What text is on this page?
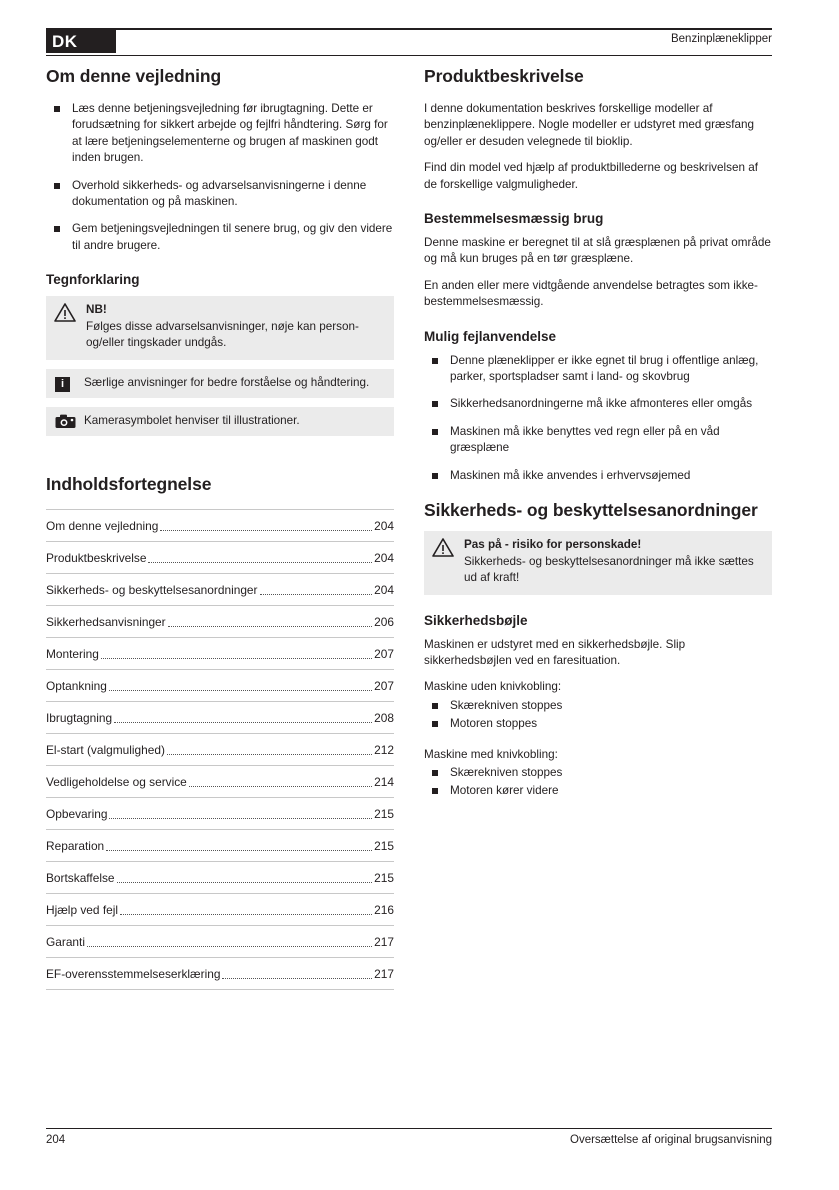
DK	Benzinplæneklipper
Om denne vejledning
Læs denne betjeningsvejledning før ibrugtagning. Dette er forudsætning for sikkert arbejde og fejlfri håndtering. Sørg for at lære betjeningselementerne og brugen af maskinen godt inden brugen.
Overhold sikkerheds- og advarselsanvisningerne i denne dokumentation og på maskinen.
Gem betjeningsvejledningen til senere brug, og giv den videre til andre brugere.
Tegnforklaring
NB!
Følges disse advarselsanvisninger, nøje kan person- og/eller tingskader undgås.
i	Særlige anvisninger for bedre forståelse og håndtering.
Kamerasymbolet henviser til illustrationer.
Indholdsfortegnelse
Om denne vejledning	204
Produktbeskrivelse	204
Sikkerheds- og beskyttelsesanordninger	204
Sikkerhedsanvisninger	206
Montering	207
Optankning	207
Ibrugtagning	208
El-start (valgmulighed)	212
Vedligeholdelse og service	214
Opbevaring	215
Reparation	215
Bortskaffelse	215
Hjælp ved fejl	216
Garanti	217
EF-overensstemmelseserklæring	217
Produktbeskrivelse

I denne dokumentation beskrives forskellige modeller af benzinplæneklippere. Nogle modeller er udstyret med græsfang og/eller er desuden velegnede til bioklip.

Find din model ved hjælp af produktbillederne og beskrivelsen af de forskellige valgmuligheder.

Bestemmelsesmæssig brug

Denne maskine er beregnet til at slå græsplænen på privat område og må kun bruges på en tør græsplæne.

En anden eller mere vidtgående anvendelse betragtes som ikke-bestemmelsesmæssig.

Mulig fejlanvendelse
Denne plæneklipper er ikke egnet til brug i offentlige anlæg, parker, sportspladser samt i land- og skovbrug
Sikkerhedsanordningerne må ikke afmonteres eller omgås
Maskinen må ikke benyttes ved regn eller på en våd græsplæne
Maskinen må ikke anvendes i erhvervsøjemed
Sikkerheds- og beskyttelsesanordninger
Pas på - risiko for personskade!
Sikkerheds- og beskyttelsesanordninger må ikke sættes ud af kraft!
Sikkerhedsbøjle

Maskinen er udstyret med en sikkerhedsbøjle. Slip sikkerhedsbøjlen ved en faresituation.

Maskine uden knivkobling:

Skærekniven stoppes
Motoren stoppes

Maskine med knivkobling:

Skærekniven stoppes
Motoren kører videre
204	Oversættelse af original brugsanvisning
